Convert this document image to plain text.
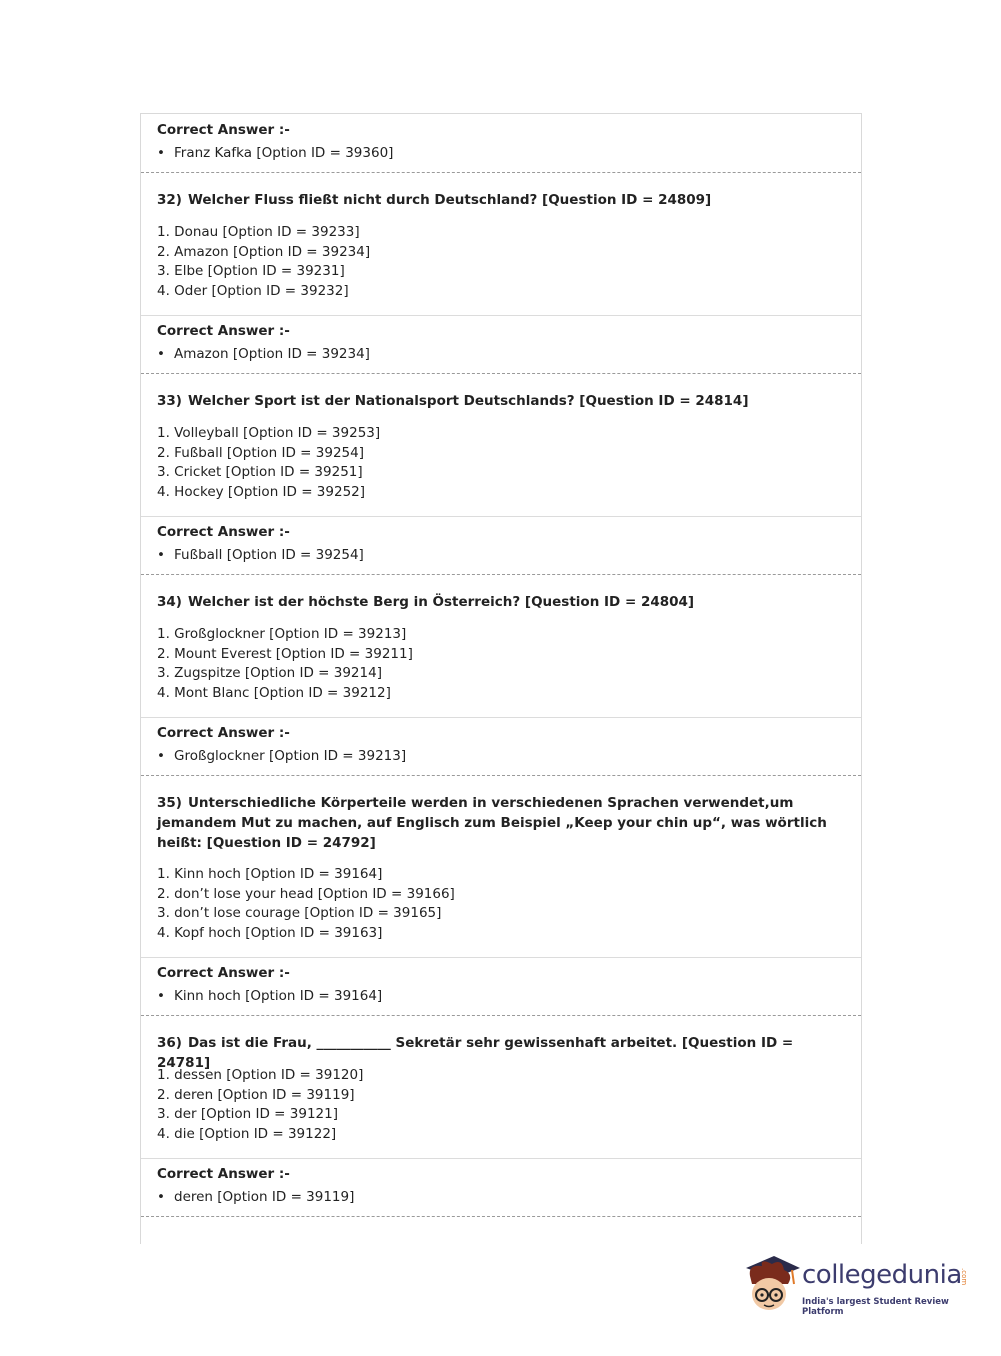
Correct Answer :-
• Franz Kafka [Option ID = 39360]
32) Welcher Fluss fließt nicht durch Deutschland? [Question ID = 24809]
1. Donau [Option ID = 39233]
2. Amazon [Option ID = 39234]
3. Elbe [Option ID = 39231]
4. Oder [Option ID = 39232]
Correct Answer :-
• Amazon [Option ID = 39234]
33) Welcher Sport ist der Nationalsport Deutschlands? [Question ID = 24814]
1. Volleyball [Option ID = 39253]
2. Fußball [Option ID = 39254]
3. Cricket [Option ID = 39251]
4. Hockey [Option ID = 39252]
Correct Answer :-
• Fußball [Option ID = 39254]
34) Welcher ist der höchste Berg in Österreich? [Question ID = 24804]
1. Großglockner [Option ID = 39213]
2. Mount Everest [Option ID = 39211]
3. Zugspitze [Option ID = 39214]
4. Mont Blanc [Option ID = 39212]
Correct Answer :-
• Großglockner [Option ID = 39213]
35) Unterschiedliche Körperteile werden in verschiedenen Sprachen verwendet,um jemandem Mut zu machen, auf Englisch zum Beispiel „Keep your chin up“, was wörtlich heißt: [Question ID = 24792]
1. Kinn hoch [Option ID = 39164]
2. don’t lose your head [Option ID = 39166]
3. don’t lose courage [Option ID = 39165]
4. Kopf hoch [Option ID = 39163]
Correct Answer :-
• Kinn hoch [Option ID = 39164]
36) Das ist die Frau, ___________ Sekretär sehr gewissenhaft arbeitet. [Question ID = 24781]
1. dessen [Option ID = 39120]
2. deren [Option ID = 39119]
3. der [Option ID = 39121]
4. die [Option ID = 39122]
Correct Answer :-
• deren [Option ID = 39119]
collegedunia
.com
India's largest Student Review Platform
